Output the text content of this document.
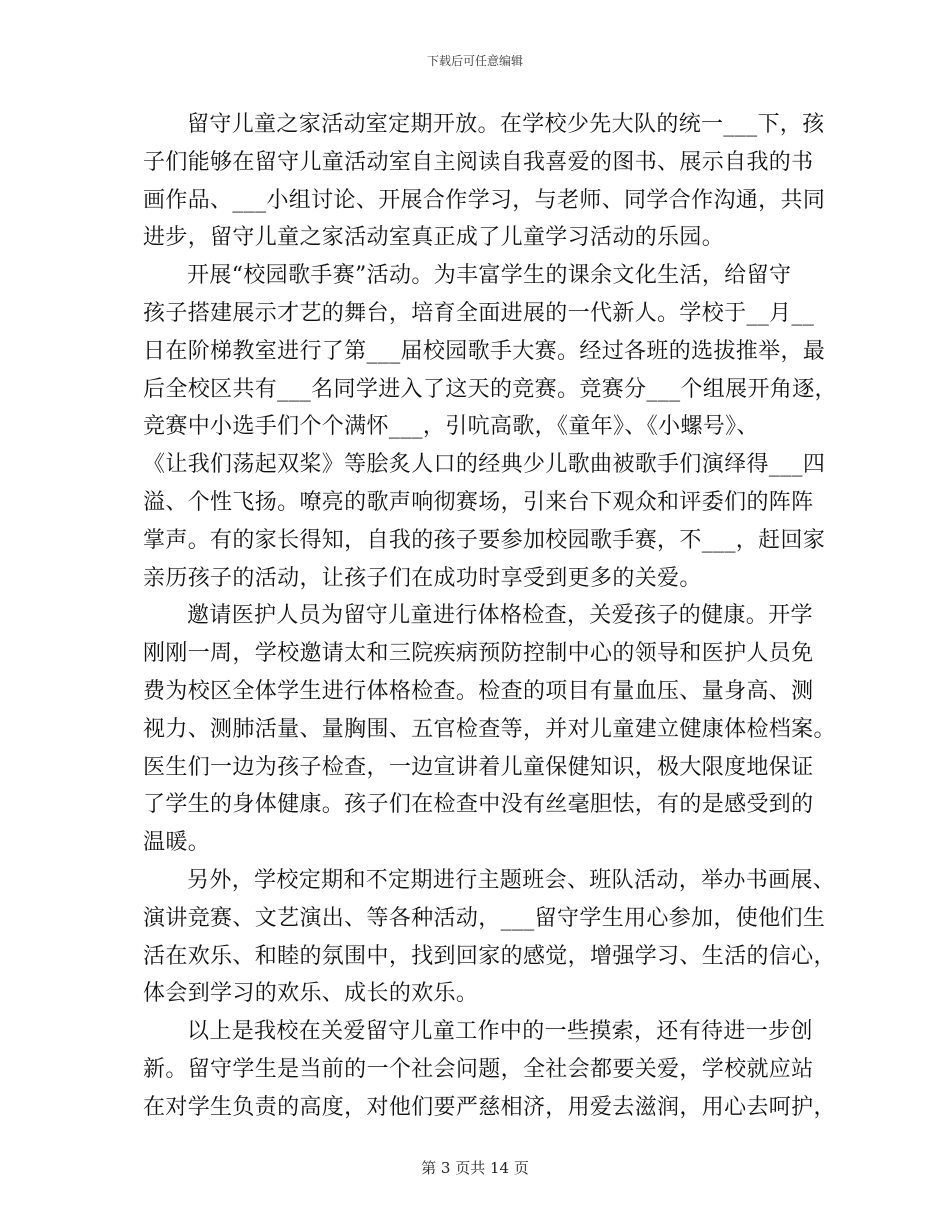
下载后可任意编辑
留守儿童之家活动室定期开放。在学校少先大队的统一___下，孩
子们能够在留守儿童活动室自主阅读自我喜爱的图书、展示自我的书
画作品、___小组讨论、开展合作学习，与老师、同学合作沟通，共同
进步，留守儿童之家活动室真正成了儿童学习活动的乐园。
开展“校园歌手赛”活动。为丰富学生的课余文化生活，给留守
孩子搭建展示才艺的舞台，培育全面进展的一代新人。学校于__月__
日在阶梯教室进行了第___届校园歌手大赛。经过各班的选拔推举，最
后全校区共有___名同学进入了这天的竞赛。竞赛分___个组展开角逐，
竞赛中小选手们个个满怀___，引吭高歌，《童年》、《小螺号》、
《让我们荡起双桨》等脍炙人口的经典少儿歌曲被歌手们演绎得___四
溢、个性飞扬。嘹亮的歌声响彻赛场，引来台下观众和评委们的阵阵
掌声。有的家长得知，自我的孩子要参加校园歌手赛，不___，赶回家
亲历孩子的活动，让孩子们在成功时享受到更多的关爱。
邀请医护人员为留守儿童进行体格检查，关爱孩子的健康。开学
刚刚一周，学校邀请太和三院疾病预防控制中心的领导和医护人员免
费为校区全体学生进行体格检查。检查的项目有量血压、量身高、测
视力、测肺活量、量胸围、五官检查等，并对儿童建立健康体检档案。
医生们一边为孩子检查，一边宣讲着儿童保健知识，极大限度地保证
了学生的身体健康。孩子们在检查中没有丝毫胆怯，有的是感受到的
温暖。
另外，学校定期和不定期进行主题班会、班队活动，举办书画展、
演讲竞赛、文艺演出、等各种活动，___留守学生用心参加，使他们生
活在欢乐、和睦的氛围中，找到回家的感觉，增强学习、生活的信心，
体会到学习的欢乐、成长的欢乐。
以上是我校在关爱留守儿童工作中的一些摸索，还有待进一步创
新。留守学生是当前的一个社会问题，全社会都要关爱，学校就应站
在对学生负责的高度，对他们要严慈相济，用爱去滋润，用心去呵护，
第 3 页共 14 页
